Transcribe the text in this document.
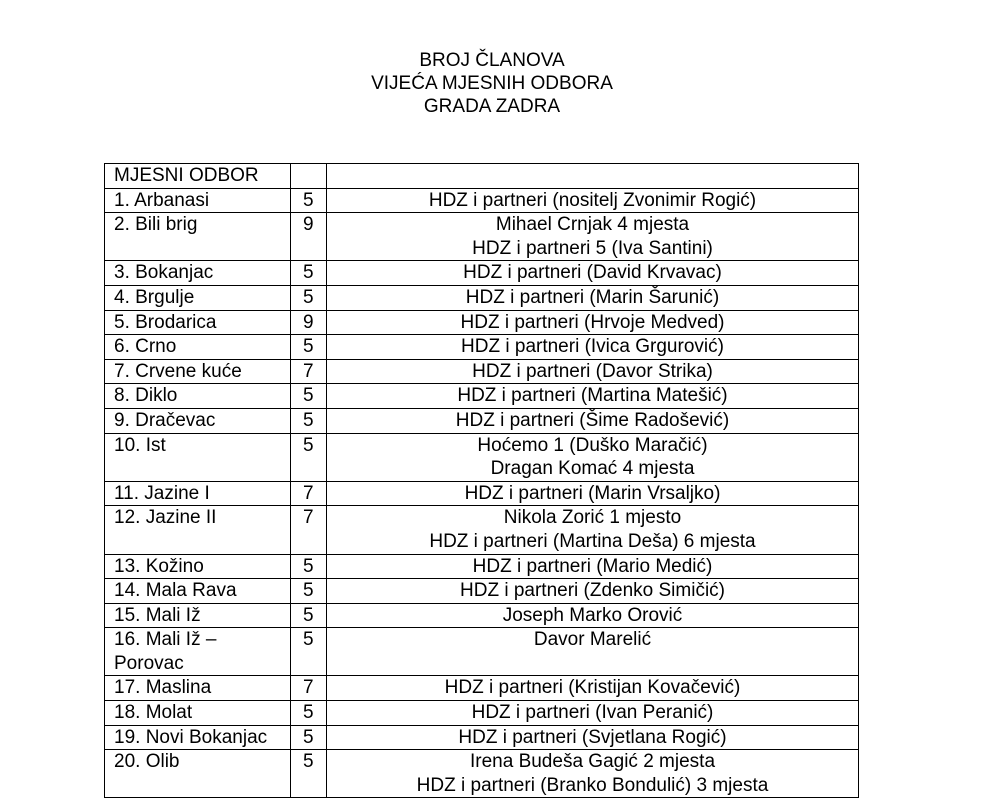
BROJ ČLANOVA
VIJEĆA MJESNIH ODBORA
GRADA ZADRA
MJESNI ODBOR		

1. Arbanasi	5	HDZ i partneri (nositelj Zvonimir Rogić)

2. Bili brig	9	Mihael Crnjak 4 mjesta
HDZ i partneri 5 (Iva Santini)

3. Bokanjac	5	HDZ i partneri (David Krvavac)

4. Brgulje	5	HDZ i partneri (Marin Šarunić)

5. Brodarica	9	HDZ i partneri (Hrvoje Medved)

6. Crno	5	HDZ i partneri (Ivica Grgurović)

7. Crvene kuće	7	HDZ i partneri (Davor Strika)

8. Diklo	5	HDZ i partneri (Martina Matešić)

9. Dračevac	5	HDZ i partneri (Šime Radošević)

10. Ist	5	Hoćemo 1 (Duško Maračić)
Dragan Komać 4 mjesta

11. Jazine I	7	HDZ i partneri (Marin Vrsaljko)

12. Jazine II	7	Nikola Zorić 1 mjesto
HDZ i partneri (Martina Deša) 6 mjesta

13. Kožino	5	HDZ i partneri (Mario Medić)

14. Mala Rava	5	HDZ i partneri (Zdenko Simičić)

15. Mali Iž	5	Joseph Marko Orović

16. Mali Iž –
Porovac	5	Davor Marelić

17. Maslina	7	HDZ i partneri (Kristijan Kovačević)

18. Molat	5	HDZ i partneri (Ivan Peranić)

19. Novi Bokanjac	5	HDZ i partneri (Svjetlana Rogić)

20. Olib	5	Irena Budeša Gagić 2 mjesta
HDZ i partneri (Branko Bondulić) 3 mjesta
